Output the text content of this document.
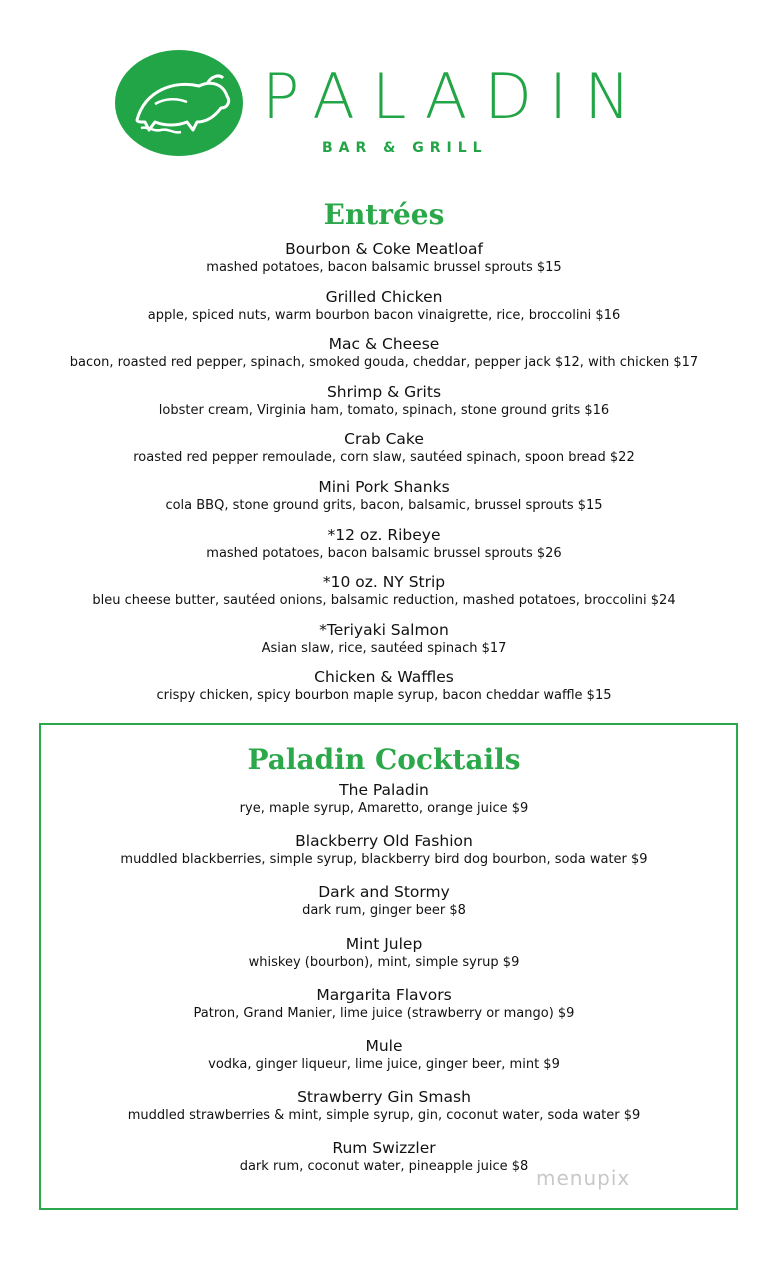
PALADIN
BAR & GRILL
Entrées
Bourbon & Coke Meatloaf
mashed potatoes, bacon balsamic brussel sprouts $15
Grilled Chicken
apple, spiced nuts, warm bourbon bacon vinaigrette, rice, broccolini $16
Mac & Cheese
bacon, roasted red pepper, spinach, smoked gouda, cheddar, pepper jack $12, with chicken $17
Shrimp & Grits
lobster cream, Virginia ham, tomato, spinach, stone ground grits $16
Crab Cake
roasted red pepper remoulade, corn slaw, sautéed spinach, spoon bread $22
Mini Pork Shanks
cola BBQ, stone ground grits, bacon, balsamic, brussel sprouts $15
*12 oz. Ribeye
mashed potatoes, bacon balsamic brussel sprouts $26
*10 oz. NY Strip
bleu cheese butter, sautéed onions, balsamic reduction, mashed potatoes, broccolini $24
*Teriyaki Salmon
Asian slaw, rice, sautéed spinach $17
Chicken & Waffles
crispy chicken, spicy bourbon maple syrup, bacon cheddar waffle $15
Paladin Cocktails
The Paladin
rye, maple syrup, Amaretto, orange juice $9
Blackberry Old Fashion
muddled blackberries, simple syrup, blackberry bird dog bourbon, soda water $9
Dark and Stormy
dark rum, ginger beer $8
Mint Julep
whiskey (bourbon), mint, simple syrup $9
Margarita Flavors
Patron, Grand Manier, lime juice (strawberry or mango) $9
Mule
vodka, ginger liqueur, lime juice, ginger beer, mint $9
Strawberry Gin Smash
muddled strawberries & mint, simple syrup, gin, coconut water, soda water $9
Rum Swizzler
dark rum, coconut water, pineapple juice $8 menupix
